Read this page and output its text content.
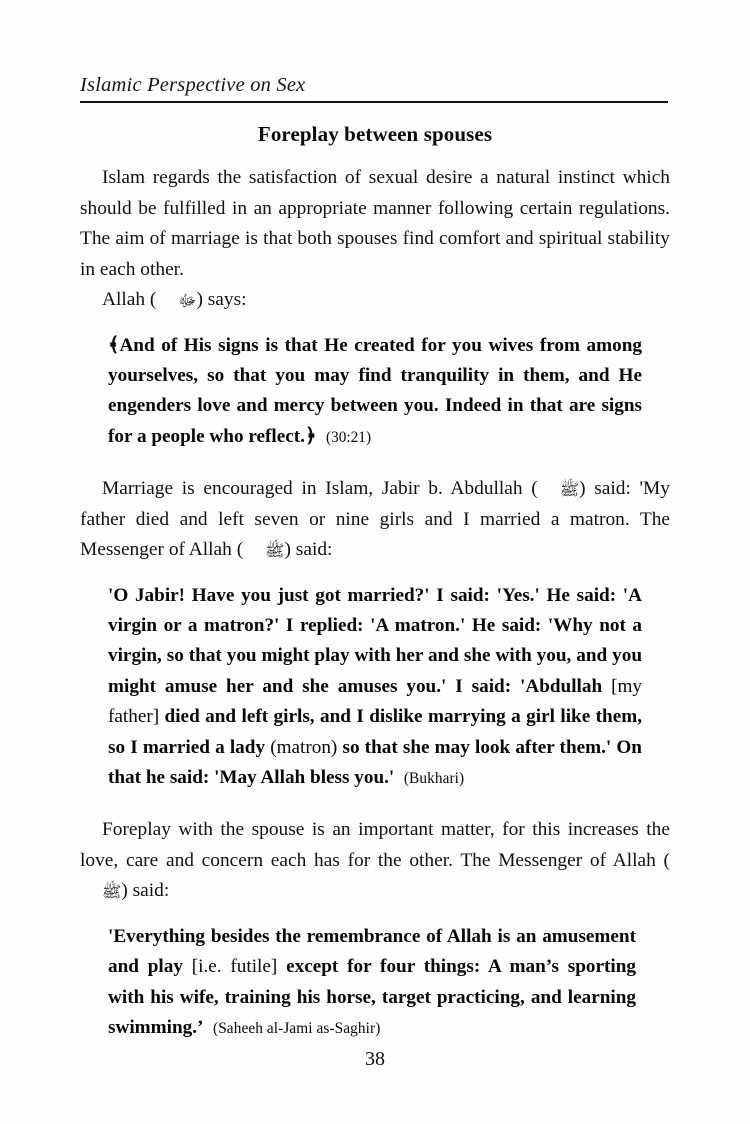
Islamic Perspective on Sex
Foreplay between spouses

Islam regards the satisfaction of sexual desire a natural instinct which should be fulfilled in an appropriate manner following certain regulations. The aim of marriage is that both spouses find comfort and spiritual stability in each other.

Allah ( ﷻ) says:

﴾And of His signs is that He created for you wives from among yourselves, so that you may find tranquility in them, and He engenders love and mercy between you. Indeed in that are signs for a people who reflect.﴿ (30:21)

Marriage is encouraged in Islam, Jabir b. Abdullah ( ﷺ) said: 'My father died and left seven or nine girls and I married a matron. The Messenger of Allah ( ﷺ) said:

'O Jabir! Have you just got married?' I said: 'Yes.' He said: 'A virgin or a matron?' I replied: 'A matron.' He said: 'Why not a virgin, so that you might play with her and she with you, and you might amuse her and she amuses you.' I said: 'Abdullah [my father] died and left girls, and I dislike marrying a girl like them, so I married a lady (matron) so that she may look after them.' On that he said: 'May Allah bless you.' (Bukhari)

Foreplay with the spouse is an important matter, for this increases the love, care and concern each has for the other. The Messenger of Allah (ﷺ) said:

'Everything besides the remembrance of Allah is an amusement and play [i.e. futile] except for four things: A man’s sporting with his wife, training his horse, target practicing, and learning swimming.’ (Saheeh al-Jami as-Saghir)

38
